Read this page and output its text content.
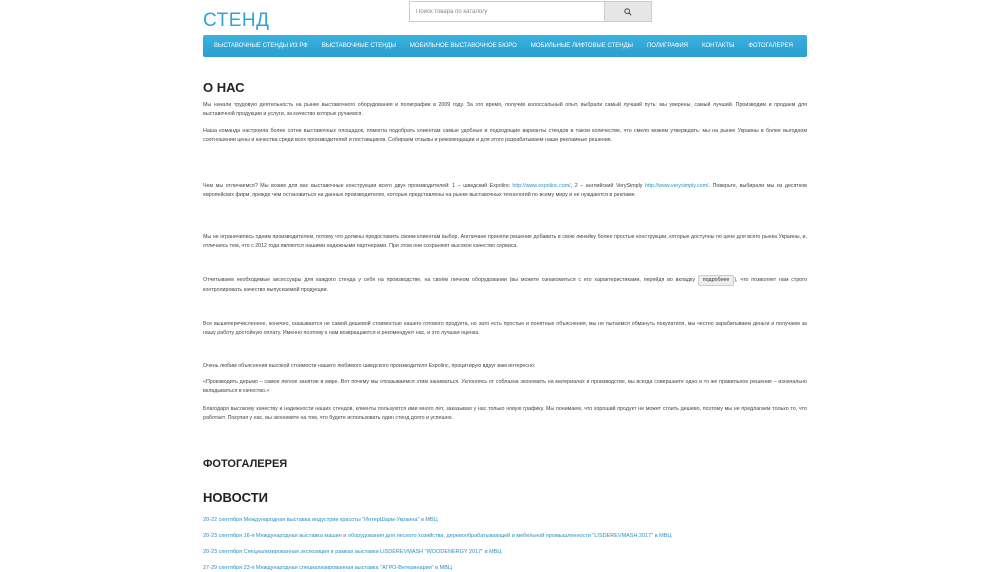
СТЕНД
Поиск товара по каталогу
ВЫСТАВОЧНЫЕ СТЕНДЫ ИЗ РФ	ВЫСТАВОЧНЫЕ СТЕНДЫ	МОБИЛЬНОЕ ВЫСТАВОЧНОЕ БЮРО	МОБИЛЬНЫЕ ЛИФТОВЫЕ СТЕНДЫ	ПОЛИГРАФИЯ	КОНТАКТЫ	ФОТОГАЛЕРЕЯ
О НАС

Мы начали трудовую деятельность на рынке выставочного оборудования и полиграфии в 2009 году. За это время, получив колоссальный опыт, выбрали самый лучший путь: мы уверены, самый лучший. Производим и продаем для выставочной продукции и услуги, за качество которых ручаемся.

Наша команда настроила более сотни выставочных площадок, помогла подобрать клиентам самые удобные и подходящие варианты стендов в таком количестве, что смело можем утверждать: мы на рынке Украины в более выгодном соотношении цены и качества среди всех производителей и поставщиков. Собираем отзывы и рекомендации и для этого разрабатываем наши рекламные решения.

Чем мы отличаемся? Мы возим для вас выставочные конструкции всего двух производителей: 1 – шведский Expolinc http://www.expolinc.com/, 2 – английский VerySimply http://www.verysimply.com/. Поверьте, выбирали мы из десятков европейских фирм, прежде чем остановиться на данных производителях, которые представлены на рынке выставочных технологий по всему миру и не нуждаются в рекламе.

Мы не ограничились одним производителем, потому что должны предоставить своим клиентам выбор. Англичане приняли решение добавить в свою линейку более простые конструкции, которые доступны по цене для всего рынка Украины, и, отличаясь тем, что с 2012 года являются нашими надежными партнерами. При этом они сохраняют высокое качество сервиса.

Отчитываем необходимые аксессуары для каждого стенда у себя на производстве, на своём личном оборудовании (вы можете ознакомиться с его характеристиками, перейдя во вкладку подробнее ), что позволяет нам строго контролировать качество выпускаемой продукции.

Все вышеперечисленное, конечно, сказывается не самой дешевой стоимостью нашего готового продукта, но зато есть простые и понятные объяснения, мы не пытаемся обмануть покупателя, мы честно зарабатываем деньги и получаем за нашу работу достойную оплату. Именно поэтому к нам возвращаются и рекомендуют нас, и это лучшая оценка.

Очень любим объяснения высокой стоимости нашего любимого шведского производителя Expolinc, процитирую вдруг вам интересно:

«Производить дерьмо – самое легкое занятие в мире. Вот почему мы отказываемся этим заниматься. Уклоняясь от соблазна экономить на материалах и производстве, вы всегда совершаете одно и то же правильное решение – изначально вкладываться в качество.»

Благодаря высокому качеству и надежности наших стендов, клиенты пользуются ими много лет, заказывая у нас только новую графику. Мы понимаем, что хороший продукт не может стоить дешево, поэтому мы не предлагаем только то, что работает. Покупая у нас, вы экономите на том, что будете использовать один стенд долго и успешно.

ФОТОГАЛЕРЕЯ
НОВОСТИ
20-22 сентября Международная выставка индустрии красоты "ИнтерШарм-Украина" в МВЦ
20-23 сентября 16-я Международная выставка машин и оборудования для лесного хозяйства, деревообрабатывающей и мебельной промышленности "LISDEREVMASH 2017" в МВЦ
20-23 сентября Специализированная экспозиция в рамках выставки LISDEREVMASH "WOODENERGY 2017" в МВЦ
27-29 сентября 23-я Международная специализированная выставка "АГРО-Ветеринария" в МВЦ
